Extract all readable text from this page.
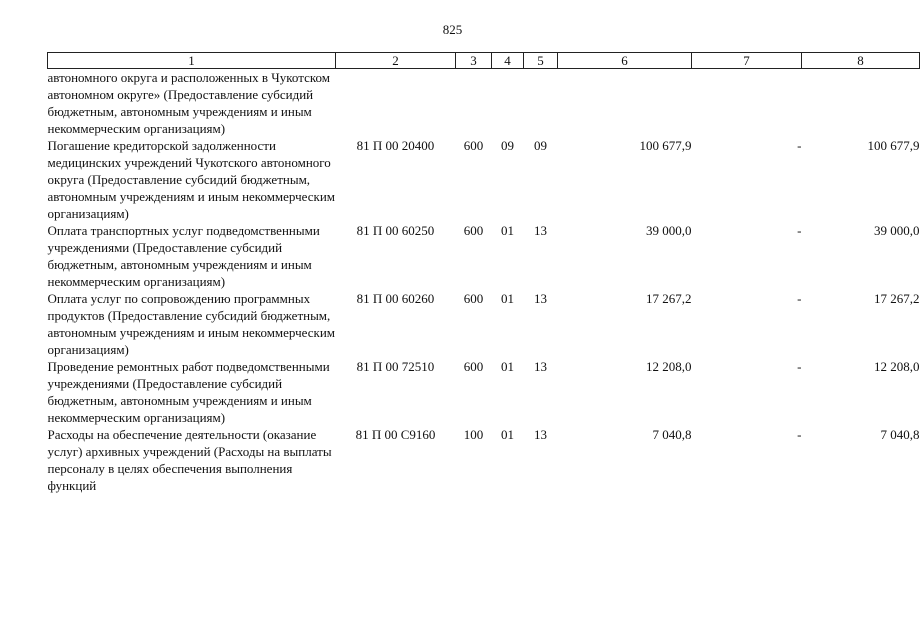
825
1	2	3	4	5	6	7	8
автономного округа и расположенных в Чукотском автономном округе» (Предоставление субсидий бюджетным, автономным учреждениям и иным некоммерческим организациям)							
Погашение кредиторской задолженности медицинских учреждений Чукотского автономного округа (Предоставление субсидий бюджетным, автономным учреждениям и иным некоммерческим организациям)	81 П 00 20400	600	09	09	100 677,9	-	100 677,9
Оплата транспортных услуг подведомственными учреждениями (Предоставление субсидий бюджетным, автономным учреждениям и иным некоммерческим организациям)	81 П 00 60250	600	01	13	39 000,0	-	39 000,0
Оплата услуг по сопровождению программных продуктов (Предоставление субсидий бюджетным, автономным учреждениям и иным некоммерческим организациям)	81 П 00 60260	600	01	13	17 267,2	-	17 267,2
Проведение ремонтных работ подведомственными учреждениями (Предоставление субсидий бюджетным, автономным учреждениям и иным некоммерческим организациям)	81 П 00 72510	600	01	13	12 208,0	-	12 208,0
Расходы на обеспечение деятельности (оказание услуг) архивных учреждений (Расходы на выплаты персоналу в целях обеспечения выполнения функций	81 П 00 С9160	100	01	13	7 040,8	-	7 040,8
